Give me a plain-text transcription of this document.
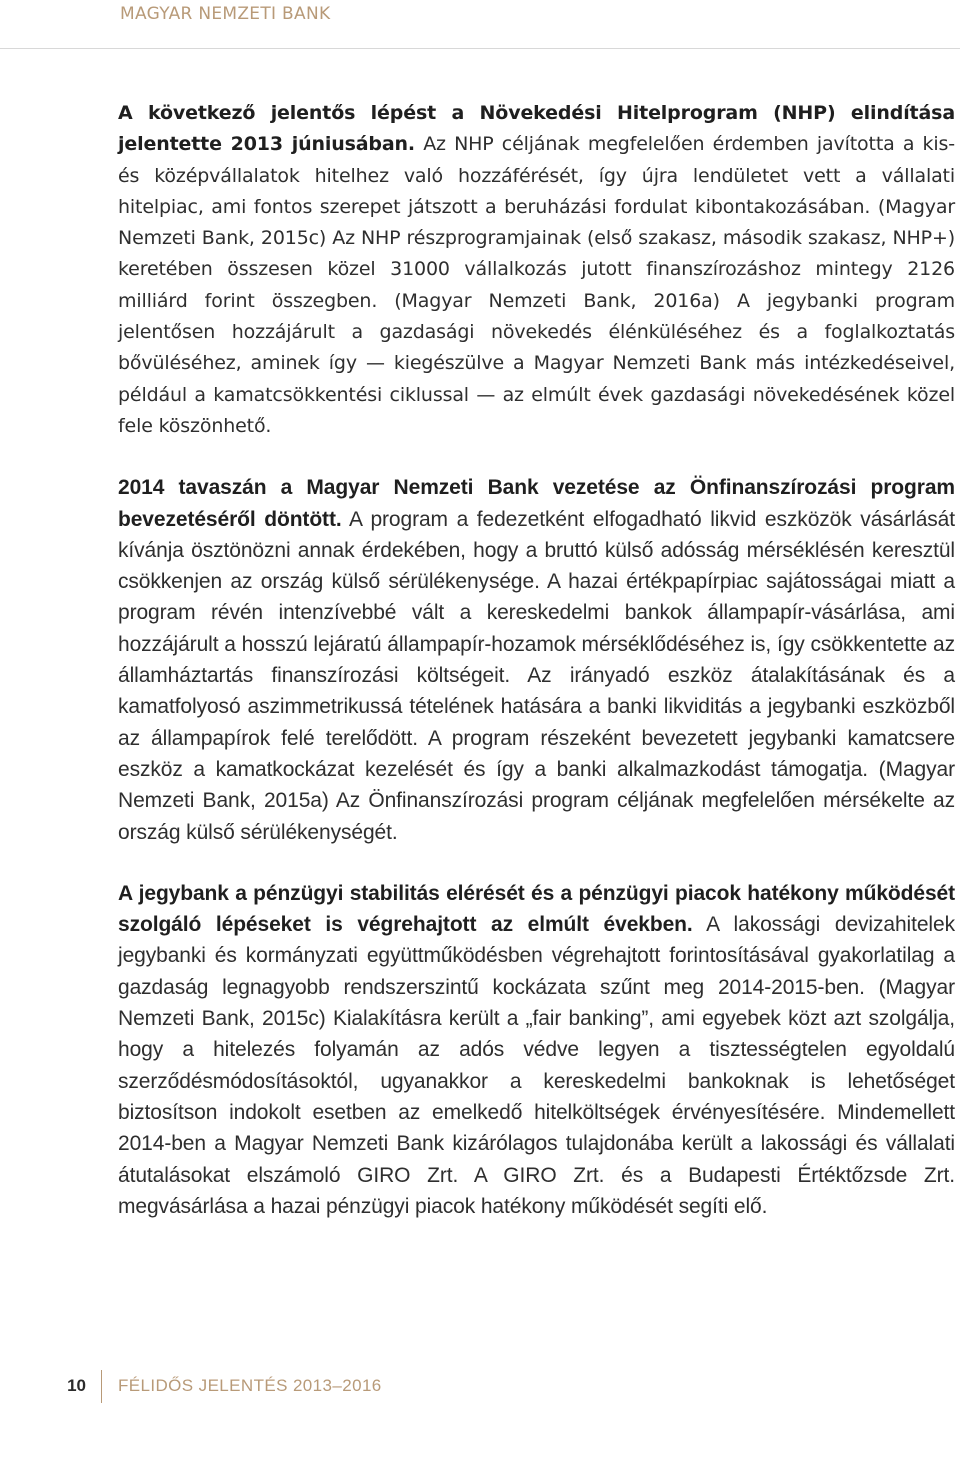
MAGYAR NEMZETI BANK

A következő jelentős lépést a Növekedési Hitelprogram (NHP) elindítása jelentette 2013 júniusában. Az NHP céljának megfelelően érdemben javította a kis- és középvállalatok hitelhez való hozzáférését, így újra lendületet vett a vállalati hitelpiac, ami fontos szerepet játszott a beruházási fordulat kibontakozásában. (Magyar Nemzeti Bank, 2015c) Az NHP részprogramjainak (első szakasz, második szakasz, NHP+) keretében összesen közel 31000 vállalkozás jutott finanszírozáshoz mintegy 2126 milliárd forint összegben. (Magyar Nemzeti Bank, 2016a) A jegybanki program jelentősen hozzájárult a gazdasági növekedés élénküléséhez és a foglalkoztatás bővüléséhez, aminek így — kiegészülve a Magyar Nemzeti Bank más intézkedéseivel, például a kamatcsökkentési ciklussal — az elmúlt évek gazdasági növekedésének közel fele köszönhető.

2014 tavaszán a Magyar Nemzeti Bank vezetése az Önfinanszírozási program bevezetéséről döntött. A program a fedezetként elfogadható likvid eszközök vásárlását kívánja ösztönözni annak érdekében, hogy a bruttó külső adósság mérséklésén keresztül csökkenjen az ország külső sérülékenysége. A hazai értékpapírpiac sajátosságai miatt a program révén intenzívebbé vált a kereskedelmi bankok állampapír-vásárlása, ami hozzájárult a hosszú lejáratú állampapír-hozamok mérséklődéséhez is, így csökkentette az államháztartás finanszírozási költségeit. Az irányadó eszköz átalakításának és a kamatfolyosó aszimmetrikussá tételének hatására a banki likviditás a jegybanki eszközből az állampapírok felé terelődött. A program részeként bevezetett jegybanki kamatcsere eszköz a kamatkockázat kezelését és így a banki alkalmazkodást támogatja. (Magyar Nemzeti Bank, 2015a) Az Önfinanszírozási program céljának megfelelően mérsékelte az ország külső sérülékenységét.

A jegybank a pénzügyi stabilitás elérését és a pénzügyi piacok hatékony működését szolgáló lépéseket is végrehajtott az elmúlt években. A lakossági devizahitelek jegybanki és kormányzati együttműködésben végrehajtott forintosításával gyakorlatilag a gazdaság legnagyobb rendszerszintű kockázata szűnt meg 2014-2015-ben. (Magyar Nemzeti Bank, 2015c) Kialakításra került a „fair banking”, ami egyebek közt azt szolgálja, hogy a hitelezés folyamán az adós védve legyen a tisztességtelen egyoldalú szerződésmódosításoktól, ugyanakkor a kereskedelmi bankoknak is lehetőséget biztosítson indokolt esetben az emelkedő hitelköltségek érvényesítésére. Mindemellett 2014-ben a Magyar Nemzeti Bank kizárólagos tulajdonába került a lakossági és vállalati átutalásokat elszámoló GIRO Zrt. A GIRO Zrt. és a Budapesti Értéktőzsde Zrt. megvásárlása a hazai pénzügyi piacok hatékony működését segíti elő.

10 FÉLIDŐS JELENTÉS 2013–2016
